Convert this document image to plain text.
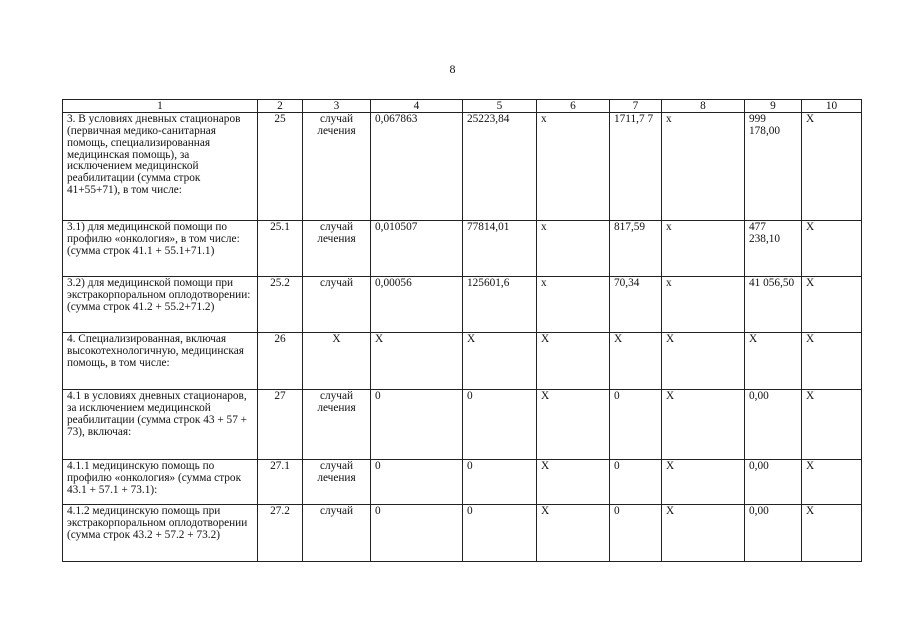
8
1	2	3	4	5	6	7	8	9	10
3. В условиях дневных стационаров (первичная медико-санитарная помощь, специализированная медицинская помощь), за исключением медицинской реабилитации (сумма строк 41+55+71), в том числе:	25	случай лечения	0,067863	25223,84	x	1711,7 7	x	999 178,00	X
3.1) для медицинской помощи по профилю «онкология», в том числе: (сумма строк 41.1 + 55.1+71.1)	25.1	случай лечения	0,010507	77814,01	x	817,59	x	477 238,10	X
3.2) для медицинской помощи при экстракорпоральном оплодотворении: (сумма строк 41.2 + 55.2+71.2)	25.2	случай	0,00056	125601,6	x	70,34	x	41 056,50	X
4. Специализированная, включая высокотехнологичную, медицинская помощь, в том числе:	26	X	X	X	X	X	X	X	X
4.1 в условиях дневных стационаров, за исключением медицинской реабилитации (сумма строк 43 + 57 + 73), включая:	27	случай лечения	0	0	X	0	X	0,00	X
4.1.1 медицинскую помощь по профилю «онкология» (сумма строк 43.1 + 57.1 + 73.1):	27.1	случай лечения	0	0	X	0	X	0,00	X
4.1.2 медицинскую помощь при экстракорпоральном оплодотворении (сумма строк 43.2 + 57.2 + 73.2)	27.2	случай	0	0	X	0	X	0,00	X
